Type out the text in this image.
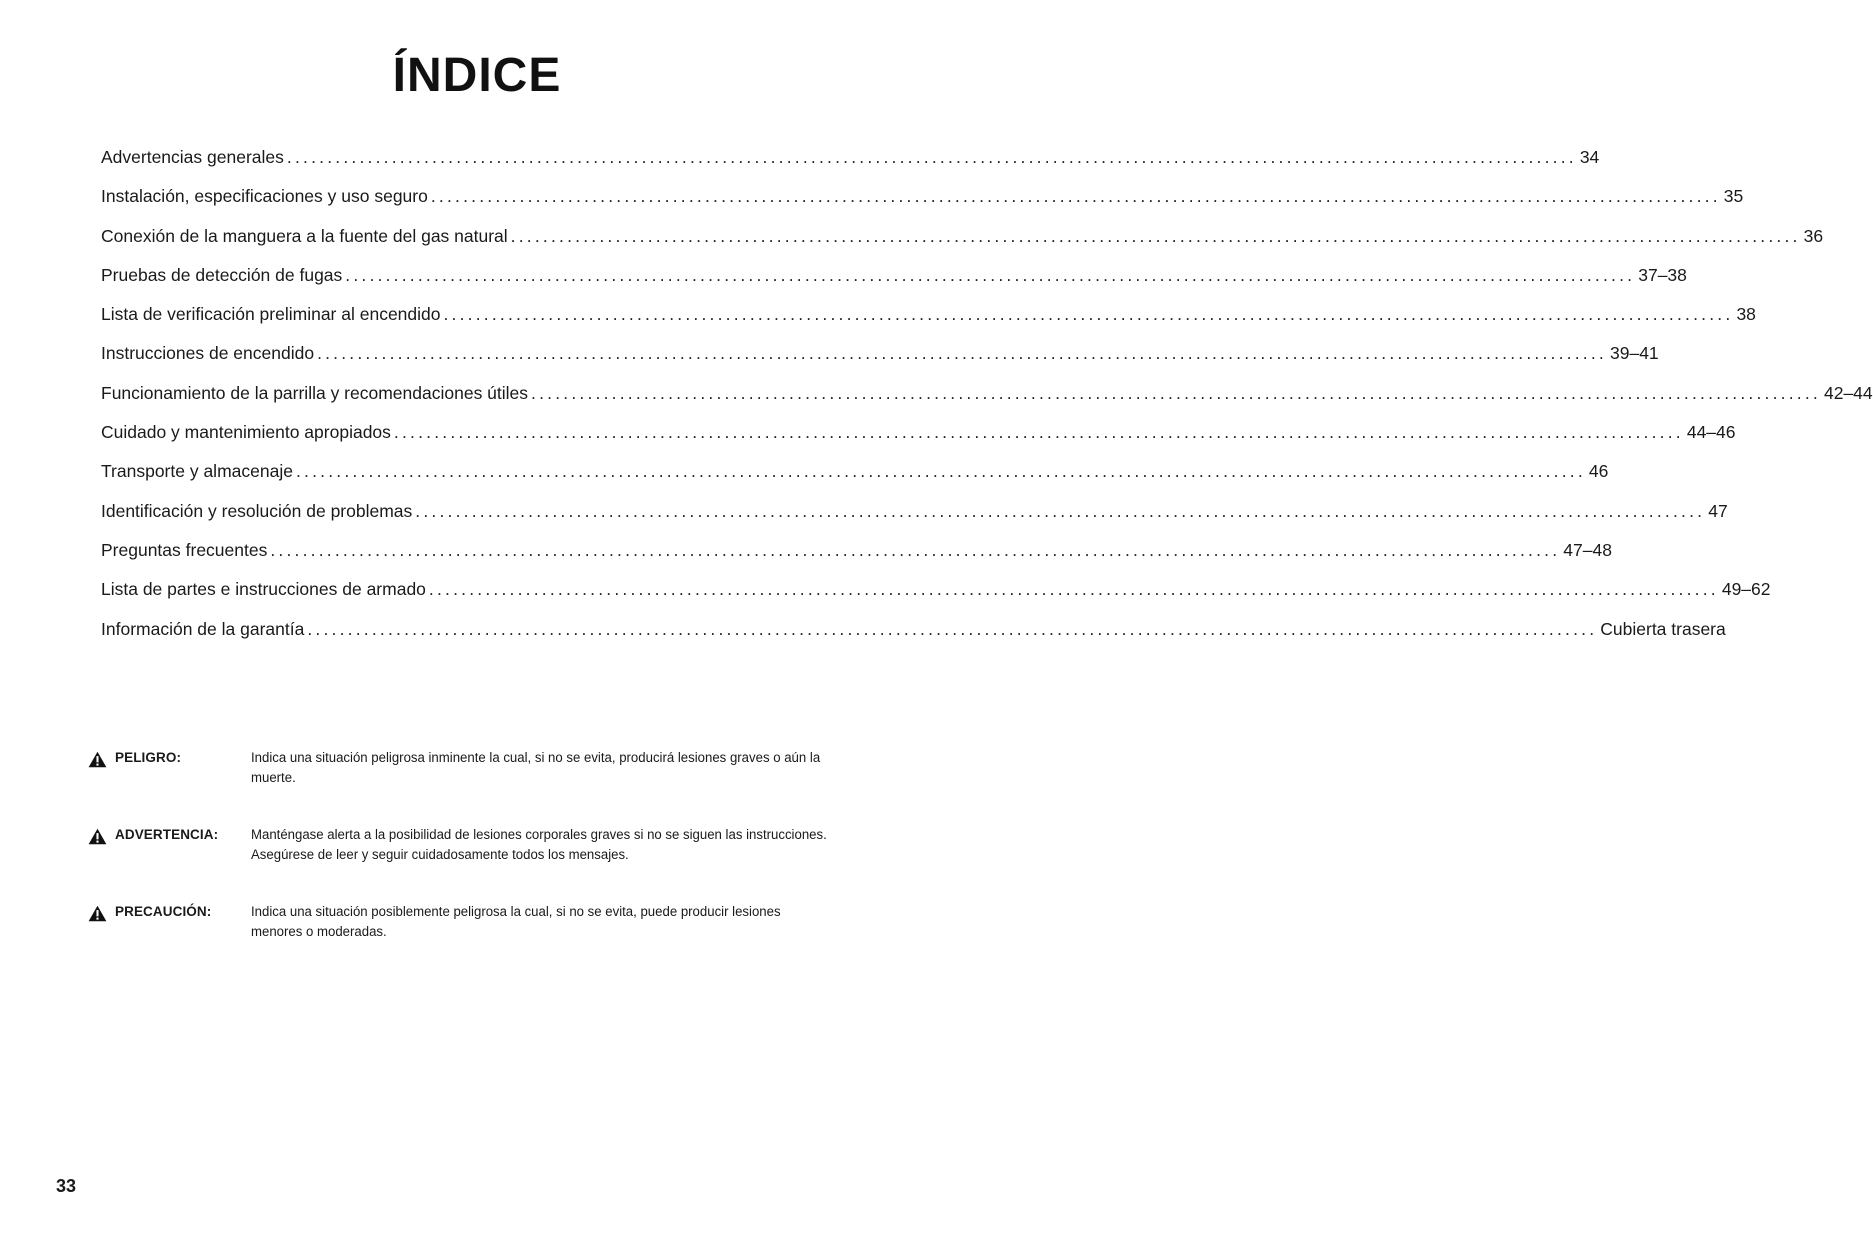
ÍNDICE
Advertencias generales ................................................................................................................................................................ 34
Instalación, especificaciones y uso seguro ................................................................................................................................................................ 35
Conexión de la manguera a la fuente del gas natural ................................................................................................................................................................ 36
Pruebas de detección de fugas ................................................................................................................................................................ 37–38
Lista de verificación preliminar al encendido ................................................................................................................................................................ 38
Instrucciones de encendido ................................................................................................................................................................ 39–41
Funcionamiento de la parrilla y recomendaciones útiles ................................................................................................................................................................ 42–44
Cuidado y mantenimiento apropiados ................................................................................................................................................................ 44–46
Transporte y almacenaje ................................................................................................................................................................ 46
Identificación y resolución de problemas ................................................................................................................................................................ 47
Preguntas frecuentes ................................................................................................................................................................ 47–48
Lista de partes e instrucciones de armado ................................................................................................................................................................ 49–62
Información de la garantía ................................................................................................................................................................ Cubierta trasera
PELIGRO:	Indica una situación peligrosa inminente la cual, si no se evita, producirá lesiones graves o aún la muerte.
ADVERTENCIA: Manténgase alerta a la posibilidad de lesiones corporales graves si no se siguen las instrucciones. Asegúrese de leer y seguir cuidadosamente todos los mensajes.
PRECAUCIÓN:	Indica una situación posiblemente peligrosa la cual, si no se evita, puede producir lesiones menores o moderadas.
33
